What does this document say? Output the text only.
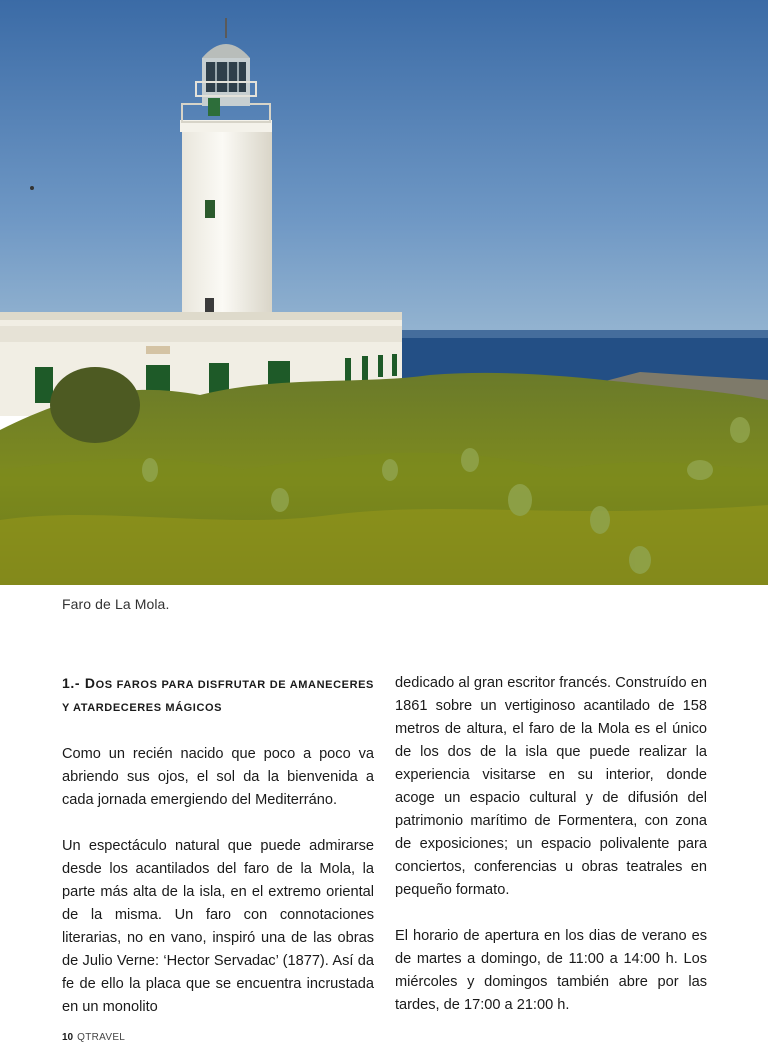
Faro de La Mola.
1.- DOS FAROS PARA DISFRUTAR DE AMANECERES Y ATARDECERES MÁGICOS

Como un recién nacido que poco a poco va abriendo sus ojos, el sol da la bienvenida a cada jornada emergiendo del Mediterráno.

Un espectáculo natural que puede admirarse desde los acantilados del faro de la Mola, la parte más alta de la isla, en el extremo oriental de la misma. Un faro con connotaciones literarias, no en vano, inspiró una de las obras de Julio Verne: ‘Hector Servadac’ (1877). Así da fe de ello la placa que se encuentra incrustada en un monolito

dedicado al gran escritor francés. Construído en 1861 sobre un vertiginoso acantilado de 158 metros de altura, el faro de la Mola es el único de los dos de la isla que puede realizar la experiencia visitarse en su interior, donde acoge un espacio cultural y de difusión del patrimonio marítimo de Formentera, con zona de exposiciones; un espacio polivalente para conciertos, conferencias u obras teatrales en pequeño formato.

El horario de apertura en los dias de verano es de martes a domingo, de 11:00 a 14:00 h. Los miércoles y domingos también abre por las tardes, de 17:00 a 21:00 h.

10 QTRAVEL
